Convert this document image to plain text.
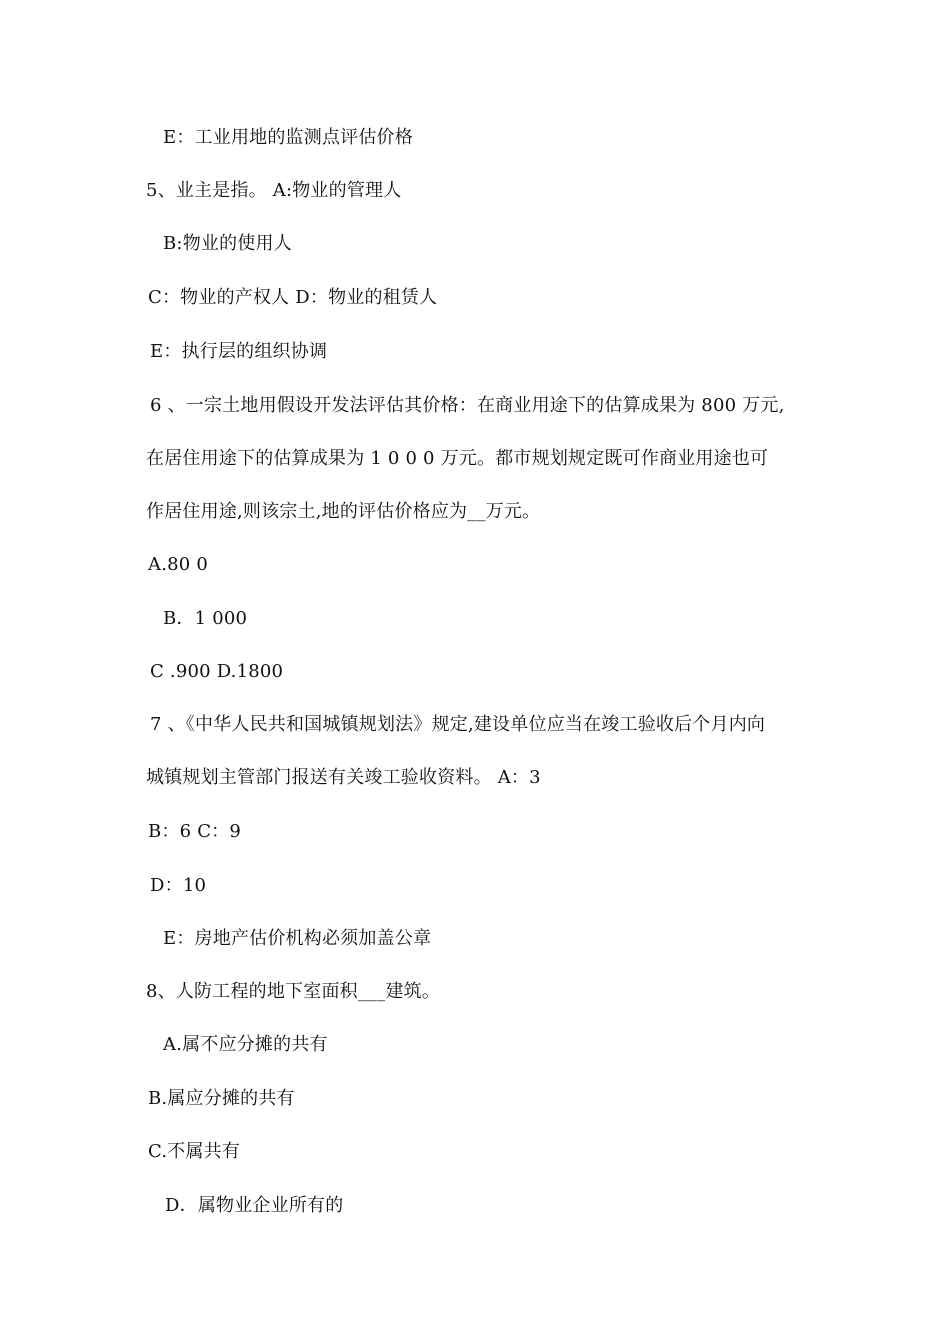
E：工业用地的监测点评估价格
5、业主是指。 A:物业的管理人
B:物业的使用人
C：物业的产权人 D：物业的租赁人
E：执行层的组织协调
6 、一宗土地用假设开发法评估其价格：在商业用途下的估算成果为 800 万元,
在居住用途下的估算成果为 1 0 0 0 万元。都市规划规定既可作商业用途也可
作居住用途,则该宗土,地的评估价格应为__万元。
A.80 0
B．1 000
C .900 D.1800
7 、《中华人民共和国城镇规划法》规定,建设单位应当在竣工验收后个月内向
城镇规划主管部门报送有关竣工验收资料。 A：3
B：6 C：9
D：10
E：房地产估价机构必须加盖公章
8、人防工程的地下室面积___建筑。
A.属不应分摊的共有
B.属应分摊的共有
C.不属共有
D．属物业企业所有的
